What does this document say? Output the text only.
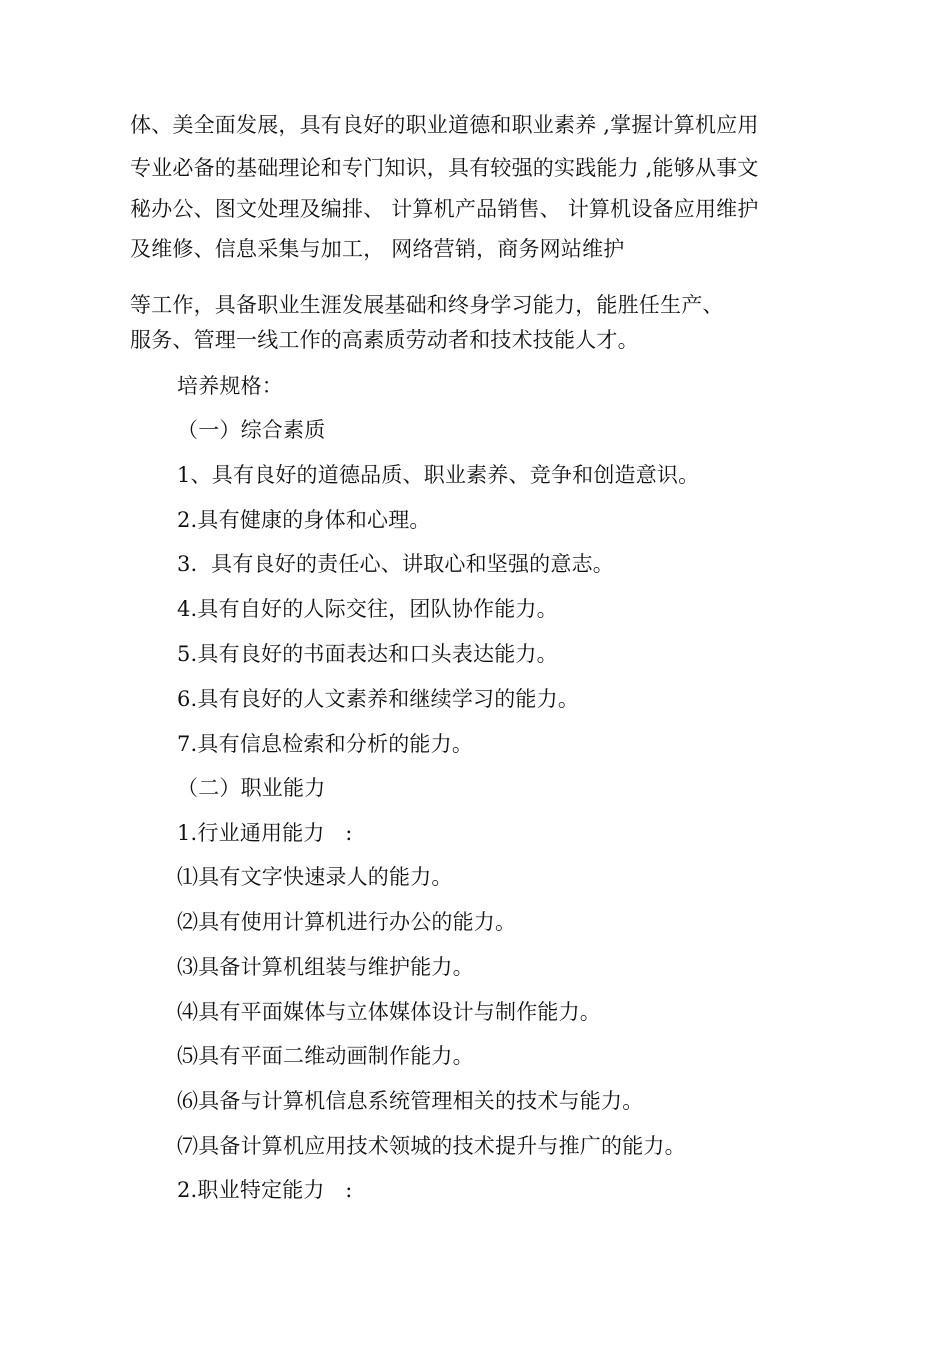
体、美全面发展，具有良好的职业道德和职业素养 ,掌握计算机应用
专业必备的基础理论和专门知识，具有较强的实践能力 ,能够从事文
秘办公、图文处理及编排、 计算机产品销售、 计算机设备应用维护
及维修、信息采集与加工， 网络营销，商务网站维护
等工作，具备职业生涯发展基础和终身学习能力，能胜任生产、
服务、管理一线工作的高素质劳动者和技术技能人才。
培养规格：
（一）综合素质
1、具有良好的道德品质、职业素养、竞争和创造意识。
2.具有健康的身体和心理。
3.  具有良好的责任心、讲取心和坚强的意志。
4.具有自好的人际交往，团队协作能力。
5.具有良好的书面表达和口头表达能力。
6.具有良好的人文素养和继续学习的能力。
7.具有信息检索和分析的能力。
（二）职业能力
1.行业通用能力   :
⑴具有文字快速录人的能力。
⑵具有使用计算机进行办公的能力。
⑶具备计算机组装与维护能力。
⑷具有平面媒体与立体媒体设计与制作能力。
⑸具有平面二维动画制作能力。
⑹具备与计算机信息系统管理相关的技术与能力。
⑺具备计算机应用技术领城的技术提升与推广的能力。
2.职业特定能力   :
